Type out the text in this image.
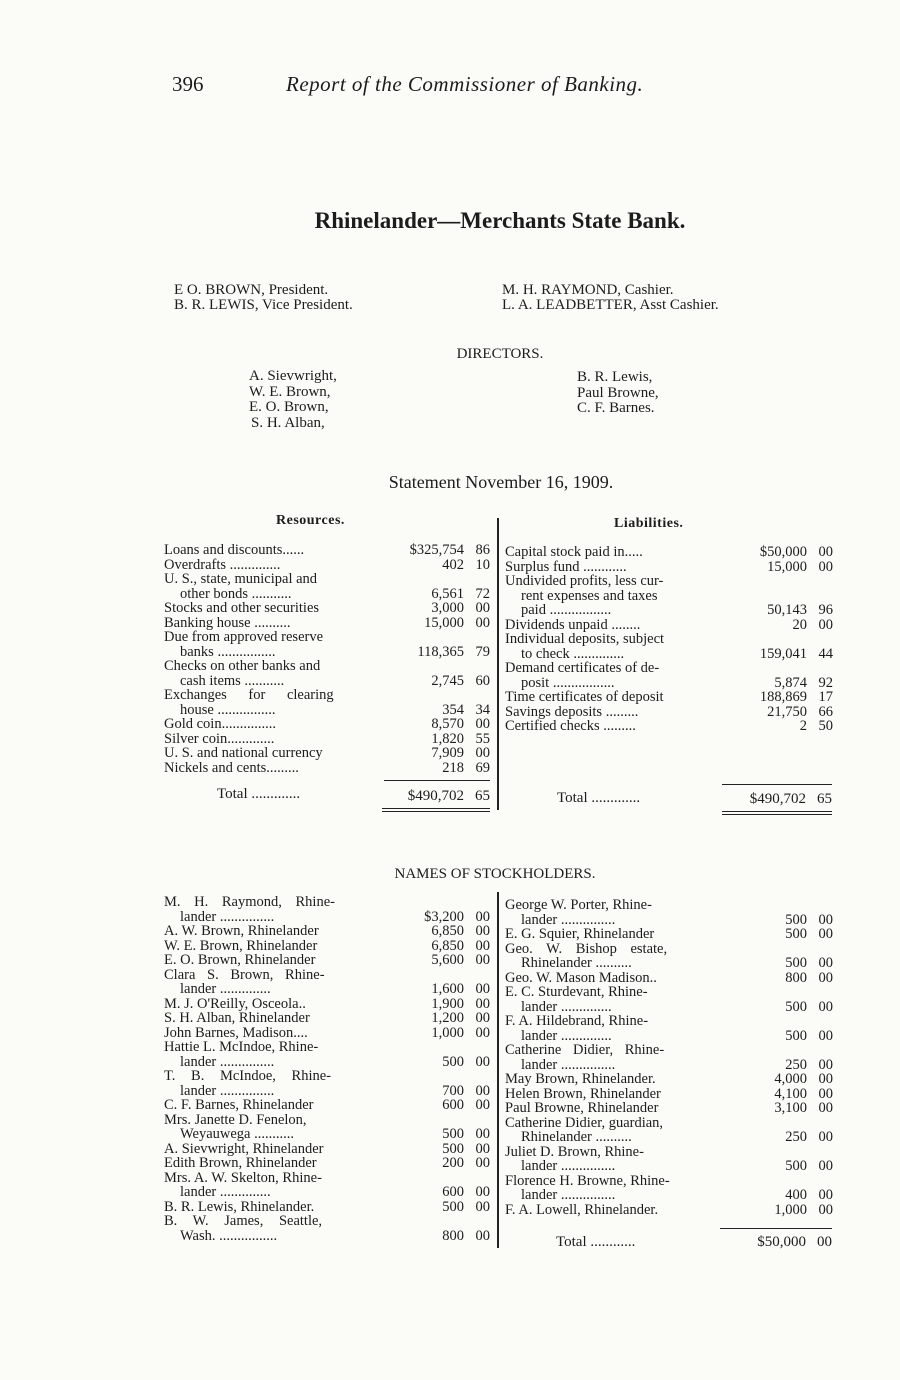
396	Report of the Commissioner of Banking.
Rhinelander—Merchants State Bank.
E O. BROWN, President.
B. R. LEWIS, Vice President.
M. H. RAYMOND, Cashier.
L. A. LEADBETTER, Asst Cashier.
DIRECTORS.
A. Sievwright,
W. E. Brown,
E. O. Brown,
S. H. Alban,
B. R. Lewis,
Paul Browne,
C. F. Barnes.
Statement November 16, 1909.
Resources.	Liabilities.
Loans and discounts......	$325,754 86
Overdrafts ..............	402 10
U. S., state, municipal and
other bonds ...........	6,561 72
Stocks and other securities	3,000 00
Banking house ..........	15,000 00
Due from approved reserve
banks ................	118,365 79
Checks on other banks and
cash items ...........	2,745 60
Exchanges for clearing
house ................	354 34
Gold coin...............	8,570 00
Silver coin.............	1,820 55
U. S. and national currency	7,909 00
Nickels and cents.........	218 69
Total .............	$490,702 65
Capital stock paid in.....	$50,000 00
Surplus fund ............	15,000 00
Undivided profits, less cur-
rent expenses and taxes
paid .................	50,143 96
Dividends unpaid ........	20 00
Individual deposits, subject
to check ..............	159,041 44
Demand certificates of de-
posit .................	5,874 92
Time certificates of deposit	188,869 17
Savings deposits .........	21,750 66
Certified checks .........	2 50
Total .............	$490,702 65
NAMES OF STOCKHOLDERS.
M. H. Raymond, Rhine-
lander ...............	$3,200 00
A. W. Brown, Rhinelander	6,850 00
W. E. Brown, Rhinelander	6,850 00
E. O. Brown, Rhinelander	5,600 00
Clara S. Brown, Rhine-
lander ..............	1,600 00
M. J. O'Reilly, Osceola..	1,900 00
S. H. Alban, Rhinelander	1,200 00
John Barnes, Madison....	1,000 00
Hattie L. McIndoe, Rhine-
lander ...............	500 00
T. B. McIndoe, Rhine-
lander ...............	700 00
C. F. Barnes, Rhinelander	600 00
Mrs. Janette D. Fenelon,
Weyauwega ...........	500 00
A. Sievwright, Rhinelander	500 00
Edith Brown, Rhinelander	200 00
Mrs. A. W. Skelton, Rhine-
lander ..............	600 00
B. R. Lewis, Rhinelander.	500 00
B. W. James, Seattle,
Wash. ................	800 00
George W. Porter, Rhine-
lander ...............	500 00
E. G. Squier, Rhinelander	500 00
Geo. W. Bishop estate,
Rhinelander ..........	500 00
Geo. W. Mason Madison..	800 00
E. C. Sturdevant, Rhine-
lander ..............	500 00
F. A. Hildebrand, Rhine-
lander ..............	500 00
Catherine Didier, Rhine-
lander ...............	250 00
May Brown, Rhinelander.	4,000 00
Helen Brown, Rhinelander	4,100 00
Paul Browne, Rhinelander	3,100 00
Catherine Didier, guardian,
Rhinelander ..........	250 00
Juliet D. Brown, Rhine-
lander ...............	500 00
Florence H. Browne, Rhine-
lander ...............	400 00
F. A. Lowell, Rhinelander.	1,000 00
Total ............	$50,000 00
